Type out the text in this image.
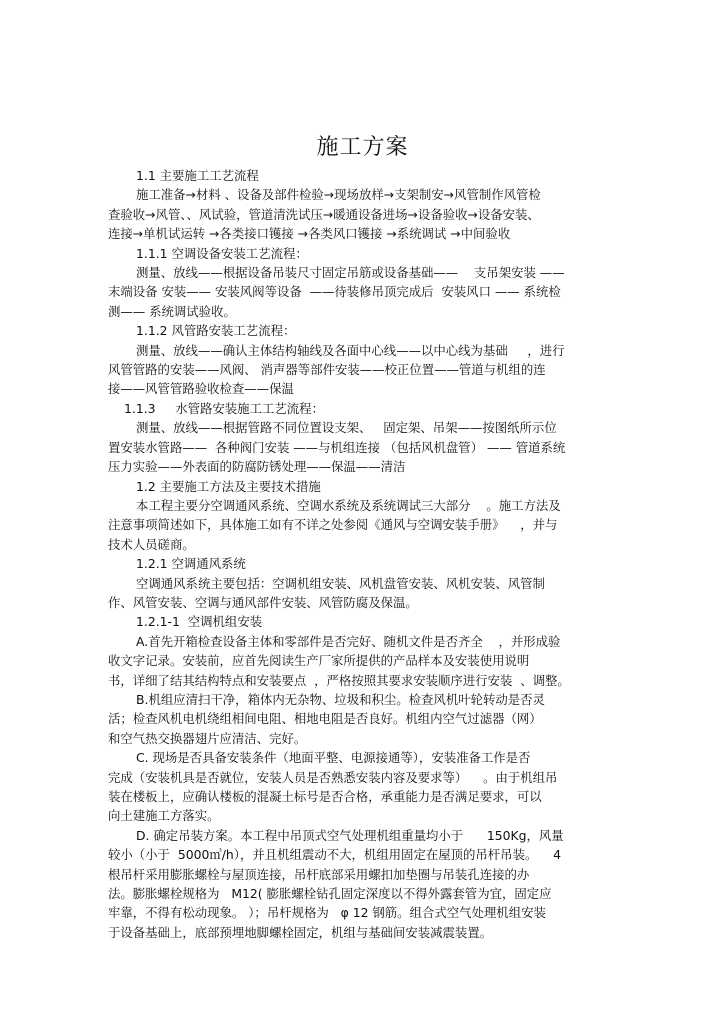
施工方案
1.1 主要施工工艺流程
施工准备→材料 、设备及部件检验→现场放样→支架制安→风管制作风管检
查验收→风管、、风试验，管道清洗试压→暖通设备进场→设备验收→设备安装、
连接→单机试运转 →各类接口镬接 →各类风口镬接 →系统调试 →中间验收
1.1.1 空调设备安装工艺流程：
测量、放线——根据设备吊装尺寸固定吊筋或设备基础——    支吊架安装 ——
末端设备 安装—— 安装风阀等设备  ——待装修吊顶完成后  安装风口 —— 系统检
测—— 系统调试验收。
1.1.2 风管路安装工艺流程：
测量、放线——确认主体结构轴线及各面中心线——以中心线为基础     ，进行
风管管路的安装——风阀、 消声器等部件安装——校正位置——管道与机组的连
接——风管管路验收检查——保温
1.1.3     水管路安装施工工艺流程：
测量、放线——根据管路不同位置设支架、   固定架、吊架——按图纸所示位
置安装水管路——  各种阀门安装 ——与机组连接 （包括风机盘管） —— 管道系统
压力实验——外表面的防腐防锈处理——保温——清洁
1.2 主要施工方法及主要技术措施
本工程主要分空调通风系统、空调水系统及系统调试三大部分    。施工方法及
注意事项简述如下，具体施工如有不详之处参阅《通风与空调安装手册》    ，并与
技术人员磋商。
1.2.1 空调通风系统
空调通风系统主要包括：空调机组安装、风机盘管安装、风机安装、风管制
作、风管安装、空调与通风部件安装、风管防腐及保温。
1.2.1-1  空调机组安装
A.首先开箱检查设备主体和零部件是否完好、随机文件是否齐全    ，并形成验
收文字记录。安装前，应首先阅读生产厂家所提供的产品样本及安装使用说明
书，详细了结其结构特点和安装要点  ，严格按照其要求安装顺序进行安装  、调整。
B.机组应清扫干净，箱体内无杂物、垃圾和积尘。检查风机叶轮转动是否灵
活；检查风机电机绕组相间电阻、相地电阻是否良好。机组内空气过滤器（网）
和空气热交换器翅片应清洁、完好。
C. 现场是否具备安装条件（地面平整、电源接通等），安装准备工作是否
完成（安装机具是否就位，安装人员是否熟悉安装内容及要求等）    。由于机组吊
装在楼板上，应确认楼板的混凝土标号是否合格，承重能力是否满足要求，可以
向土建施工方落实。
D. 确定吊装方案。本工程中吊顶式空气处理机组重量均小于      150Kg，风量
较小（小于  5000㎥/h），并且机组震动不大，机组用固定在屋顶的吊杆吊装。    4
根吊杆采用膨胀螺栓与屋顶连接，吊杆底部采用螺扣加垫圈与吊装孔连接的办
法。膨胀螺栓规格为   M12( 膨胀螺栓钻孔固定深度以不得外露套管为宜，固定应
牢靠，不得有松动现象。 ）；吊杆规格为   φ 12 钢筋。组合式空气处理机组安装
于设备基础上，底部预埋地脚螺栓固定，机组与基础间安装减震装置。
